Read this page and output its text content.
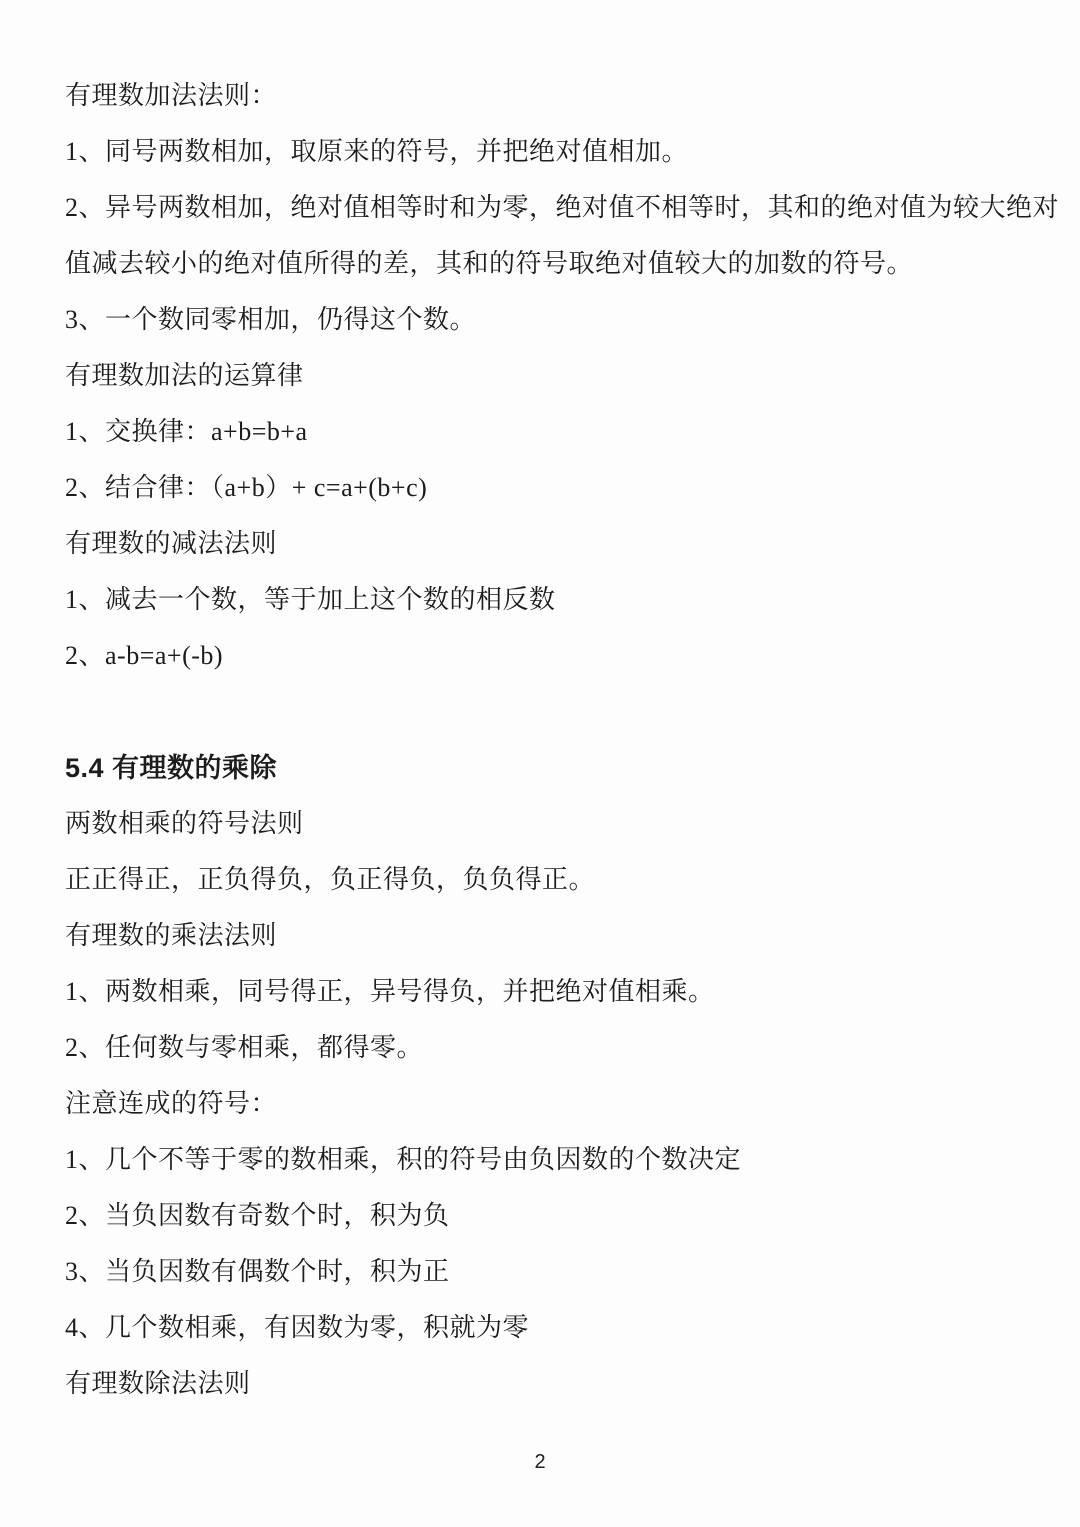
有理数加法法则：

1、同号两数相加，取原来的符号，并把绝对值相加。

2、异号两数相加，绝对值相等时和为零，绝对值不相等时，其和的绝对值为较大绝对

值减去较小的绝对值所得的差，其和的符号取绝对值较大的加数的符号。

3、一个数同零相加，仍得这个数。

有理数加法的运算律

1、交换律：a+b=b+a

2、结合律：（a+b）+ c=a+(b+c)

有理数的减法法则

1、减去一个数，等于加上这个数的相反数

2、a-b=a+(-b)

5.4 有理数的乘除

两数相乘的符号法则

正正得正，正负得负，负正得负，负负得正。

有理数的乘法法则

1、两数相乘，同号得正，异号得负，并把绝对值相乘。

2、任何数与零相乘，都得零。

注意连成的符号：

1、几个不等于零的数相乘，积的符号由负因数的个数决定

2、当负因数有奇数个时，积为负

3、当负因数有偶数个时，积为正

4、几个数相乘，有因数为零，积就为零

有理数除法法则

2
